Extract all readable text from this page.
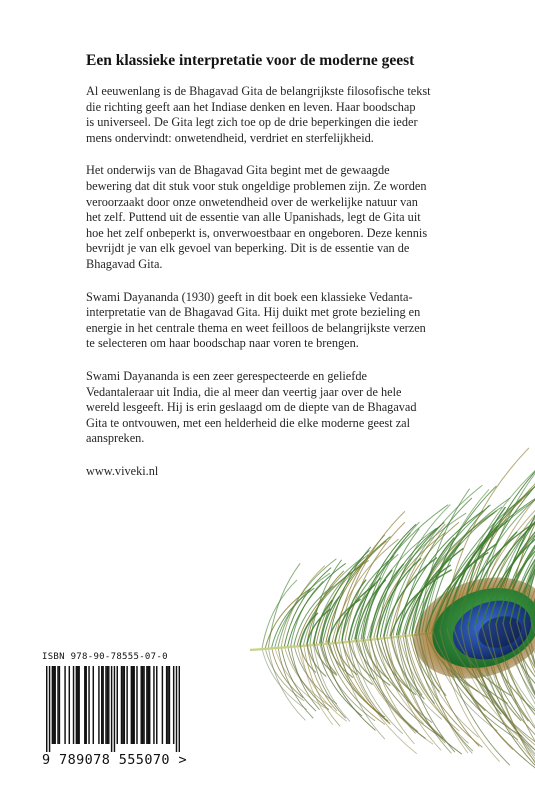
Een klassieke interpretatie voor de moderne geest

Al eeuwenlang is de Bhagavad Gita de belangrijkste filosofische tekst
die richting geeft aan het Indiase denken en leven. Haar boodschap
is universeel. De Gita legt zich toe op de drie beperkingen die ieder
mens ondervindt: onwetendheid, verdriet en sterfelijkheid.

Het onderwijs van de Bhagavad Gita begint met de gewaagde
bewering dat dit stuk voor stuk ongeldige problemen zijn. Ze worden
veroorzaakt door onze onwetendheid over de werkelijke natuur van
het zelf. Puttend uit de essentie van alle Upanishads, legt de Gita uit
hoe het zelf onbeperkt is, onverwoestbaar en ongeboren. Deze kennis
bevrijdt je van elk gevoel van beperking. Dit is de essentie van de
Bhagavad Gita.

Swami Dayananda (1930) geeft in dit boek een klassieke Vedanta-
interpretatie van de Bhagavad Gita. Hij duikt met grote bezieling en
energie in het centrale thema en weet feilloos de belangrijkste verzen
te selecteren om haar boodschap naar voren te brengen.

Swami Dayananda is een zeer gerespecteerde en geliefde
Vedantaleraar uit India, die al meer dan veertig jaar over de hele
wereld lesgeeft. Hij is erin geslaagd om de diepte van de Bhagavad
Gita te ontvouwen, met een helderheid die elke moderne geest zal
aanspreken.

www.viveki.nl
ISBN 978-90-78555-07-0
9 789078 555070 >
